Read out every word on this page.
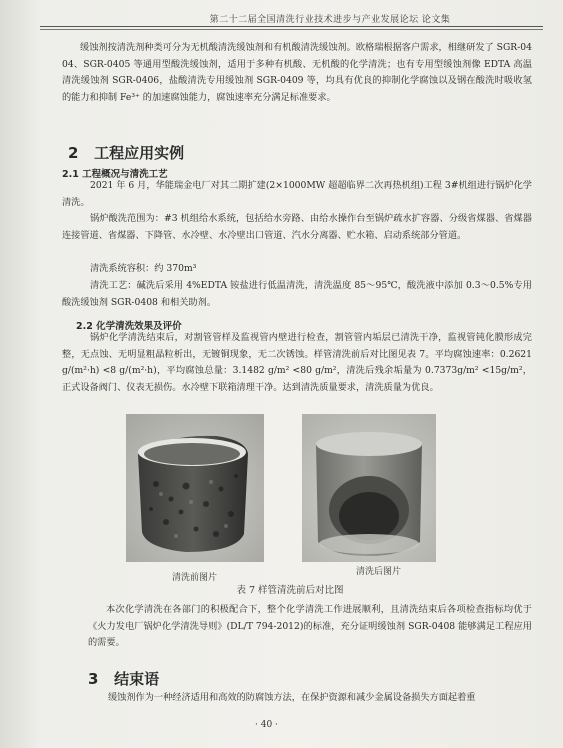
第二十二届全国清洗行业技术进步与产业发展论坛 论文集
缓蚀剂按清洗剂种类可分为无机酸清洗缓蚀剂和有机酸清洗缓蚀剂。欧格瑞根据客户需求，相继研发了 SGR-0404、SGR-0405 等通用型酸洗缓蚀剂，适用于多种有机酸、无机酸的化学清洗；也有专用型缓蚀剂像 EDTA 高温清洗缓蚀剂 SGR-0406，盐酸清洗专用缓蚀剂 SGR-0409 等，均具有优良的抑制化学腐蚀以及钢在酸洗时吸收氢的能力和抑制 Fe³⁺ 的加速腐蚀能力，腐蚀速率充分满足标准要求。
2 工程应用实例
2.1 工程概况与清洗工艺
2021 年 6 月，华能瑞金电厂对其二期扩建(2×1000MW 超超临界二次再热机组)工程 3#机组进行锅炉化学清洗。
锅炉酸洗范围为：#3 机组给水系统，包括给水旁路、由给水操作台至锅炉疏水扩容器、分级省煤器、省煤器连接管道、省煤器、下降管、水冷壁、水冷壁出口管道、汽水分离器、贮水箱、启动系统部分管道。
清洗系统容积：约 370m³
清洗工艺：碱洗后采用 4%EDTA 铵盐进行低温清洗，清洗温度 85～95℃，酸洗液中添加 0.3～0.5%专用酸洗缓蚀剂 SGR-0408 和相关助剂。
2.2 化学清洗效果及评价
锅炉化学清洗结束后，对割管管样及监视管内壁进行检查，割管管内垢层已清洗干净，监视管钝化膜形成完整，无点蚀、无明显粗晶粒析出，无镀铜现象，无二次锈蚀。样管清洗前后对比图见表 7。平均腐蚀速率：0.2621 g/(m²·h) <8 g/(m²·h)，平均腐蚀总量：3.1482 g/m² <80 g/m²，清洗后残余垢量为 0.7373g/m² <15g/m²，正式设备阀门、仪表无损伤。水冷壁下联箱清理干净。达到清洗质量要求，清洗质量为优良。
清洗前图片
清洗后图片
表 7 样管清洗前后对比图
本次化学清洗在各部门的积极配合下，整个化学清洗工作进展顺利，且清洗结束后各项检查指标均优于《火力发电厂锅炉化学清洗导则》(DL/T 794-2012)的标准，充分证明缓蚀剂 SGR-0408 能够满足工程应用的需要。
3 结束语
缓蚀剂作为一种经济适用和高效的防腐蚀方法，在保护资源和减少金属设备损失方面起着重
· 40 ·
